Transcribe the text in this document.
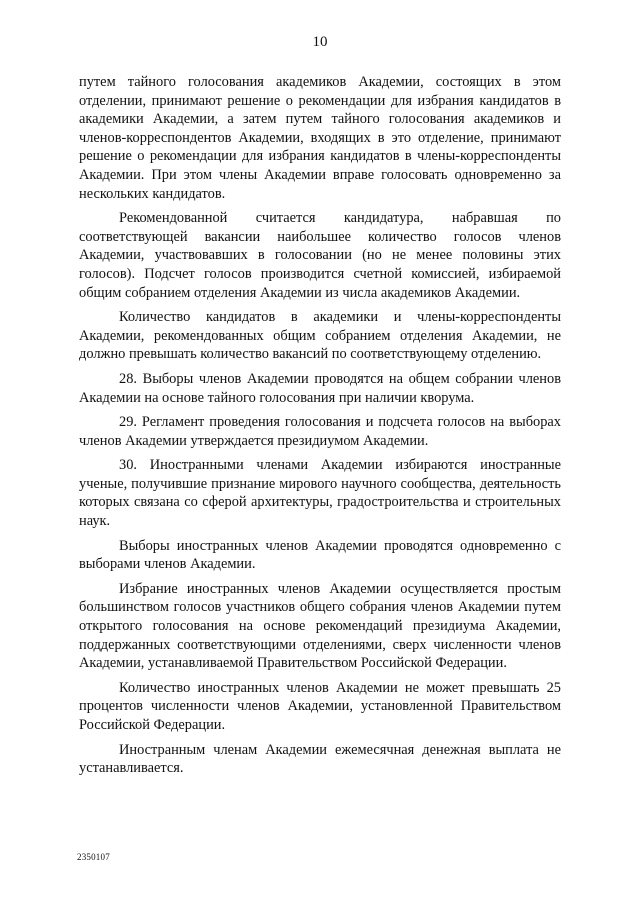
10

путем тайного голосования академиков Академии, состоящих в этом отделении, принимают решение о рекомендации для избрания кандидатов в академики Академии, а затем путем тайного голосования академиков и членов-корреспондентов Академии, входящих в это отделение, принимают решение о рекомендации для избрания кандидатов в члены-корреспонденты Академии. При этом члены Академии вправе голосовать одновременно за нескольких кандидатов.

Рекомендованной считается кандидатура, набравшая по соответствующей вакансии наибольшее количество голосов членов Академии, участвовавших в голосовании (но не менее половины этих голосов). Подсчет голосов производится счетной комиссией, избираемой общим собранием отделения Академии из числа академиков Академии.

Количество кандидатов в академики и члены-корреспонденты Академии, рекомендованных общим собранием отделения Академии, не должно превышать количество вакансий по соответствующему отделению.

28. Выборы членов Академии проводятся на общем собрании членов Академии на основе тайного голосования при наличии кворума.

29. Регламент проведения голосования и подсчета голосов на выборах членов Академии утверждается президиумом Академии.

30. Иностранными членами Академии избираются иностранные ученые, получившие признание мирового научного сообщества, деятельность которых связана со сферой архитектуры, градостроительства и строительных наук.

Выборы иностранных членов Академии проводятся одновременно с выборами членов Академии.

Избрание иностранных членов Академии осуществляется простым большинством голосов участников общего собрания членов Академии путем открытого голосования на основе рекомендаций президиума Академии, поддержанных соответствующими отделениями, сверх численности членов Академии, устанавливаемой Правительством Российской Федерации.

Количество иностранных членов Академии не может превышать 25 процентов численности членов Академии, установленной Правительством Российской Федерации.

Иностранным членам Академии ежемесячная денежная выплата не устанавливается.

2350107
